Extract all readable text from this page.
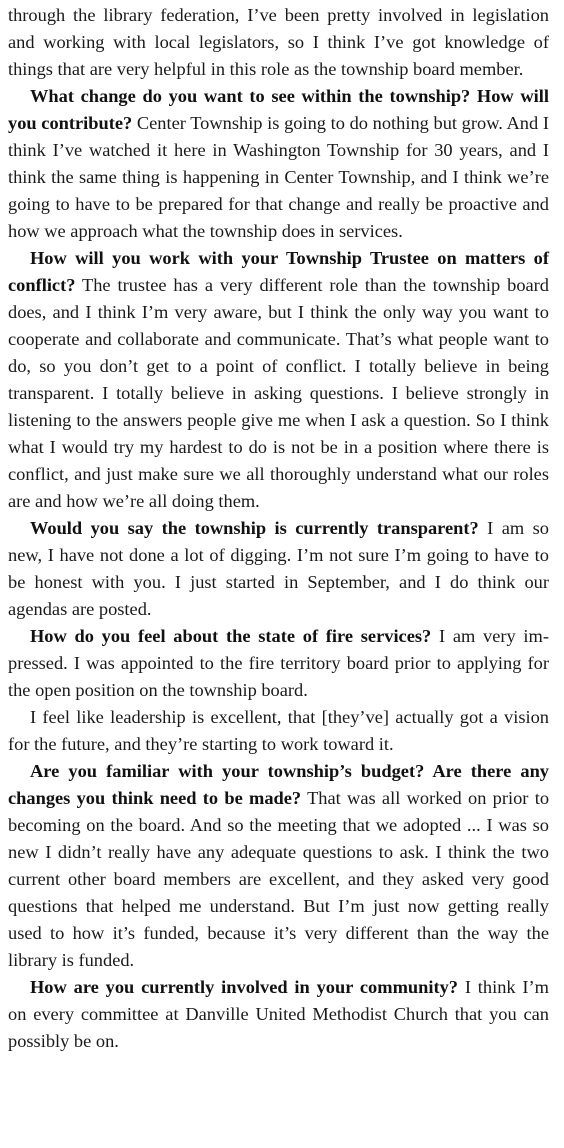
through the library federation, I’ve been pretty involved in legislation and working with local legislators, so I think I’ve got knowledge of things that are very helpful in this role as the township board member.

What change do you want to see within the township? How will you contribute? Center Township is going to do nothing but grow. And I think I’ve watched it here in Washington Township for 30 years, and I think the same thing is happening in Center Township, and I think we’re going to have to be prepared for that change and really be proactive and how we approach what the township does in services.

How will you work with your Township Trustee on matters of conflict? The trustee has a very different role than the township board does, and I think I’m very aware, but I think the only way you want to cooperate and collaborate and communicate. That’s what people want to do, so you don’t get to a point of conflict. I totally believe in being transparent. I totally believe in asking questions. I believe strongly in listening to the answers people give me when I ask a question. So I think what I would try my hardest to do is not be in a position where there is conflict, and just make sure we all thoroughly understand what our roles are and how we’re all doing them.

Would you say the township is currently transparent? I am so new, I have not done a lot of digging. I’m not sure I’m going to have to be honest with you. I just started in September, and I do think our agendas are posted.

How do you feel about the state of fire services? I am very impressed. I was appointed to the fire territory board prior to applying for the open position on the township board.

I feel like leadership is excellent, that [they’ve] actually got a vision for the future, and they’re starting to work toward it.

Are you familiar with your township’s budget? Are there any changes you think need to be made? That was all worked on prior to becoming on the board. And so the meeting that we adopted ... I was so new I didn’t really have any adequate questions to ask. I think the two current other board members are excellent, and they asked very good questions that helped me understand. But I’m just now getting really used to how it’s funded, because it’s very different than the way the library is funded.

How are you currently involved in your community? I think I’m on every committee at Danville United Methodist Church that you can possibly be on.
